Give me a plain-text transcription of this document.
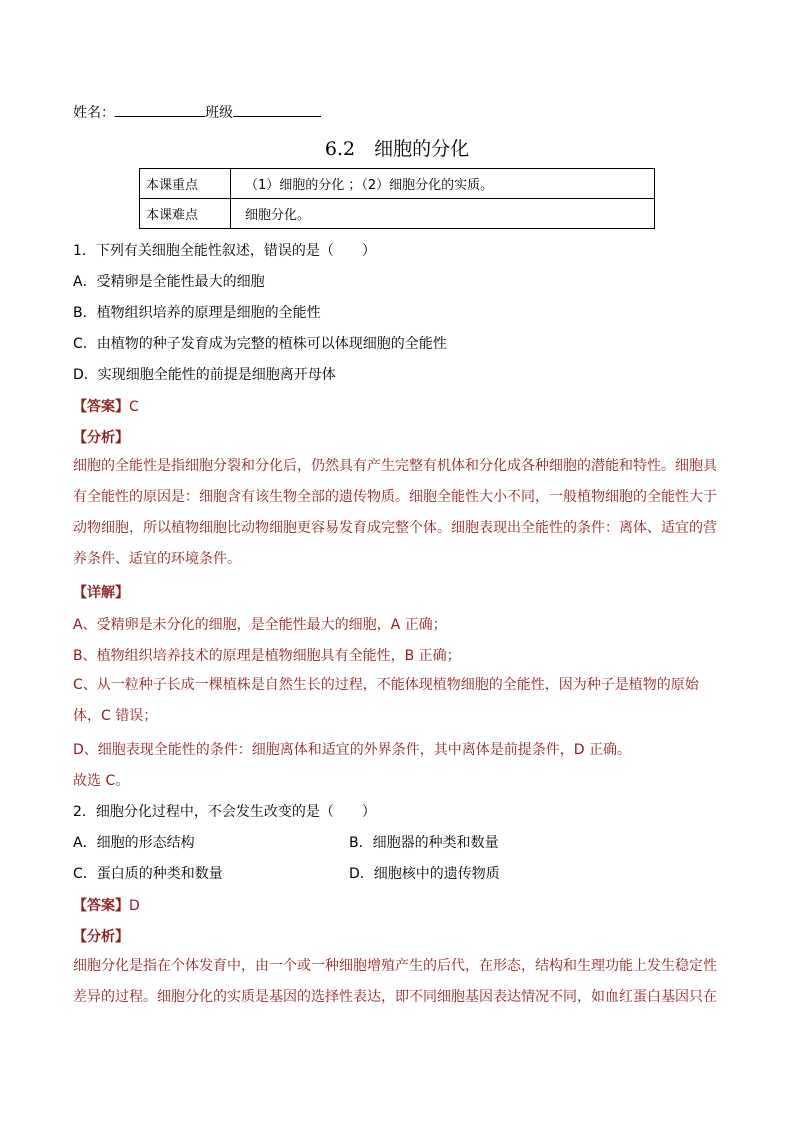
姓名：	班级
6.2　细胞的分化
本课重点	（1）细胞的分化 ；（2）细胞分化的实质。
本课难点	细胞分化。
1．下列有关细胞全能性叙述，错误的是（　　）
A．受精卵是全能性最大的细胞
B．植物组织培养的原理是细胞的全能性
C．由植物的种子发育成为完整的植株可以体现细胞的全能性
D．实现细胞全能性的前提是细胞离开母体
【答案】C
【分析】
细胞的全能性是指细胞分裂和分化后，仍然具有产生完整有机体和分化成各种细胞的潜能和特性。细胞具有全能性的原因是：细胞含有该生物全部的遗传物质。细胞全能性大小不同，一般植物细胞的全能性大于动物细胞，所以植物细胞比动物细胞更容易发育成完整个体。细胞表现出全能性的条件：离体、适宜的营养条件、适宜的环境条件。
【详解】
A、受精卵是未分化的细胞，是全能性最大的细胞，A 正确；
B、植物组织培养技术的原理是植物细胞具有全能性，B 正确；
C、从一粒种子长成一棵植株是自然生长的过程，不能体现植物细胞的全能性，因为种子是植物的原始体，C 错误；
D、细胞表现全能性的条件：细胞离体和适宜的外界条件，其中离体是前提条件，D 正确。
故选 C。
2．细胞分化过程中，不会发生改变的是（　　）
A．细胞的形态结构	B．细胞器的种类和数量
C．蛋白质的种类和数量	D．细胞核中的遗传物质
【答案】D
【分析】
细胞分化是指在个体发育中，由一个或一种细胞增殖产生的后代，在形态，结构和生理功能上发生稳定性差异的过程。细胞分化的实质是基因的选择性表达，即不同细胞基因表达情况不同，如血红蛋白基因只在
